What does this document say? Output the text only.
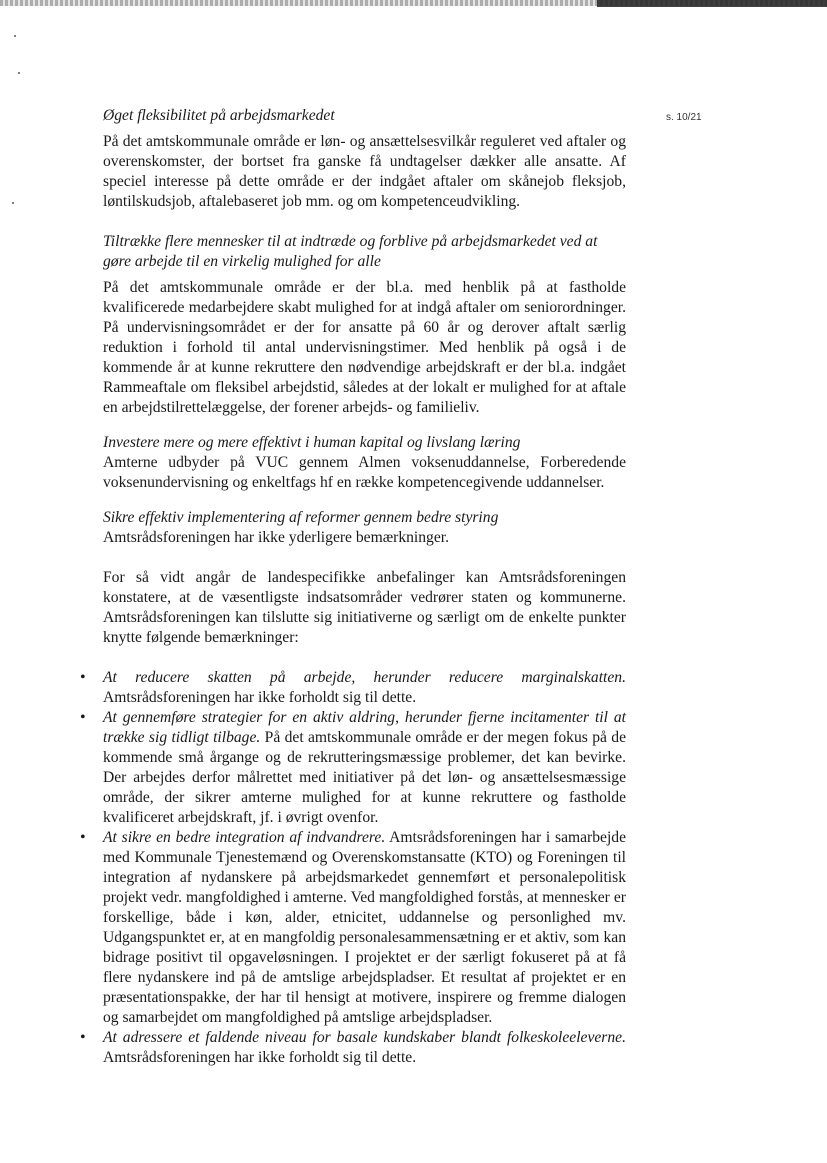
s. 10/21

Øget fleksibilitet på arbejdsmarkedet

På det amtskommunale område er løn- og ansættelsesvilkår reguleret ved aftaler og overenskomster, der bortset fra ganske få undtagelser dækker alle ansatte. Af speciel interesse på dette område er der indgået aftaler om skånejob fleksjob, løntilskudsjob, aftalebaseret job mm. og om kompetenceudvikling.

Tiltrække flere mennesker til at indtræde og forblive på arbejdsmarkedet ved at gøre arbejde til en virkelig mulighed for alle

På det amtskommunale område er der bl.a. med henblik på at fastholde kvalificerede medarbejdere skabt mulighed for at indgå aftaler om seniorordninger. På undervisningsområdet er der for ansatte på 60 år og derover aftalt særlig reduktion i forhold til antal undervisningstimer. Med henblik på også i de kommende år at kunne rekruttere den nødvendige arbejdskraft er der bl.a. indgået Rammeaftale om fleksibel arbejdstid, således at der lokalt er mulighed for at aftale en arbejdstilrettelæggelse, der forener arbejds- og familieliv.

Investere mere og mere effektivt i human kapital og livslang læring

Amterne udbyder på VUC gennem Almen voksenuddannelse, Forberedende voksenundervisning og enkeltfags hf en række kompetencegivende uddannelser.

Sikre effektiv implementering af reformer gennem bedre styring

Amtsrådsforeningen har ikke yderligere bemærkninger.

For så vidt angår de landespecifikke anbefalinger kan Amtsrådsforeningen konstatere, at de væsentligste indsatsområder vedrører staten og kommunerne. Amtsrådsforeningen kan tilslutte sig initiativerne og særligt om de enkelte punkter knytte følgende bemærkninger:

• At reducere skatten på arbejde, herunder reducere marginalskatten. Amtsrådsforeningen har ikke forholdt sig til dette.
• At gennemføre strategier for en aktiv aldring, herunder fjerne incitamenter til at trække sig tidligt tilbage. På det amtskommunale område er der megen fokus på de kommende små årgange og de rekrutteringsmæssige problemer, det kan bevirke. Der arbejdes derfor målrettet med initiativer på det løn- og ansættelsesmæssige område, der sikrer amterne mulighed for at kunne rekruttere og fastholde kvalificeret arbejdskraft, jf. i øvrigt ovenfor.
• At sikre en bedre integration af indvandrere. Amtsrådsforeningen har i samarbejde med Kommunale Tjenestemænd og Overenskomstansatte (KTO) og Foreningen til integration af nydanskere på arbejdsmarkedet gennemført et personalepolitisk projekt vedr. mangfoldighed i amterne. Ved mangfoldighed forstås, at mennesker er forskellige, både i køn, alder, etnicitet, uddannelse og personlighed mv. Udgangspunktet er, at en mangfoldig personalesammensætning er et aktiv, som kan bidrage positivt til opgaveløsningen. I projektet er der særligt fokuseret på at få flere nydanskere ind på de amtslige arbejdspladser. Et resultat af projektet er en præsentationspakke, der har til hensigt at motivere, inspirere og fremme dialogen og samarbejdet om mangfoldighed på amtslige arbejdspladser.
• At adressere et faldende niveau for basale kundskaber blandt folkeskoleeleverne. Amtsrådsforeningen har ikke forholdt sig til dette.
